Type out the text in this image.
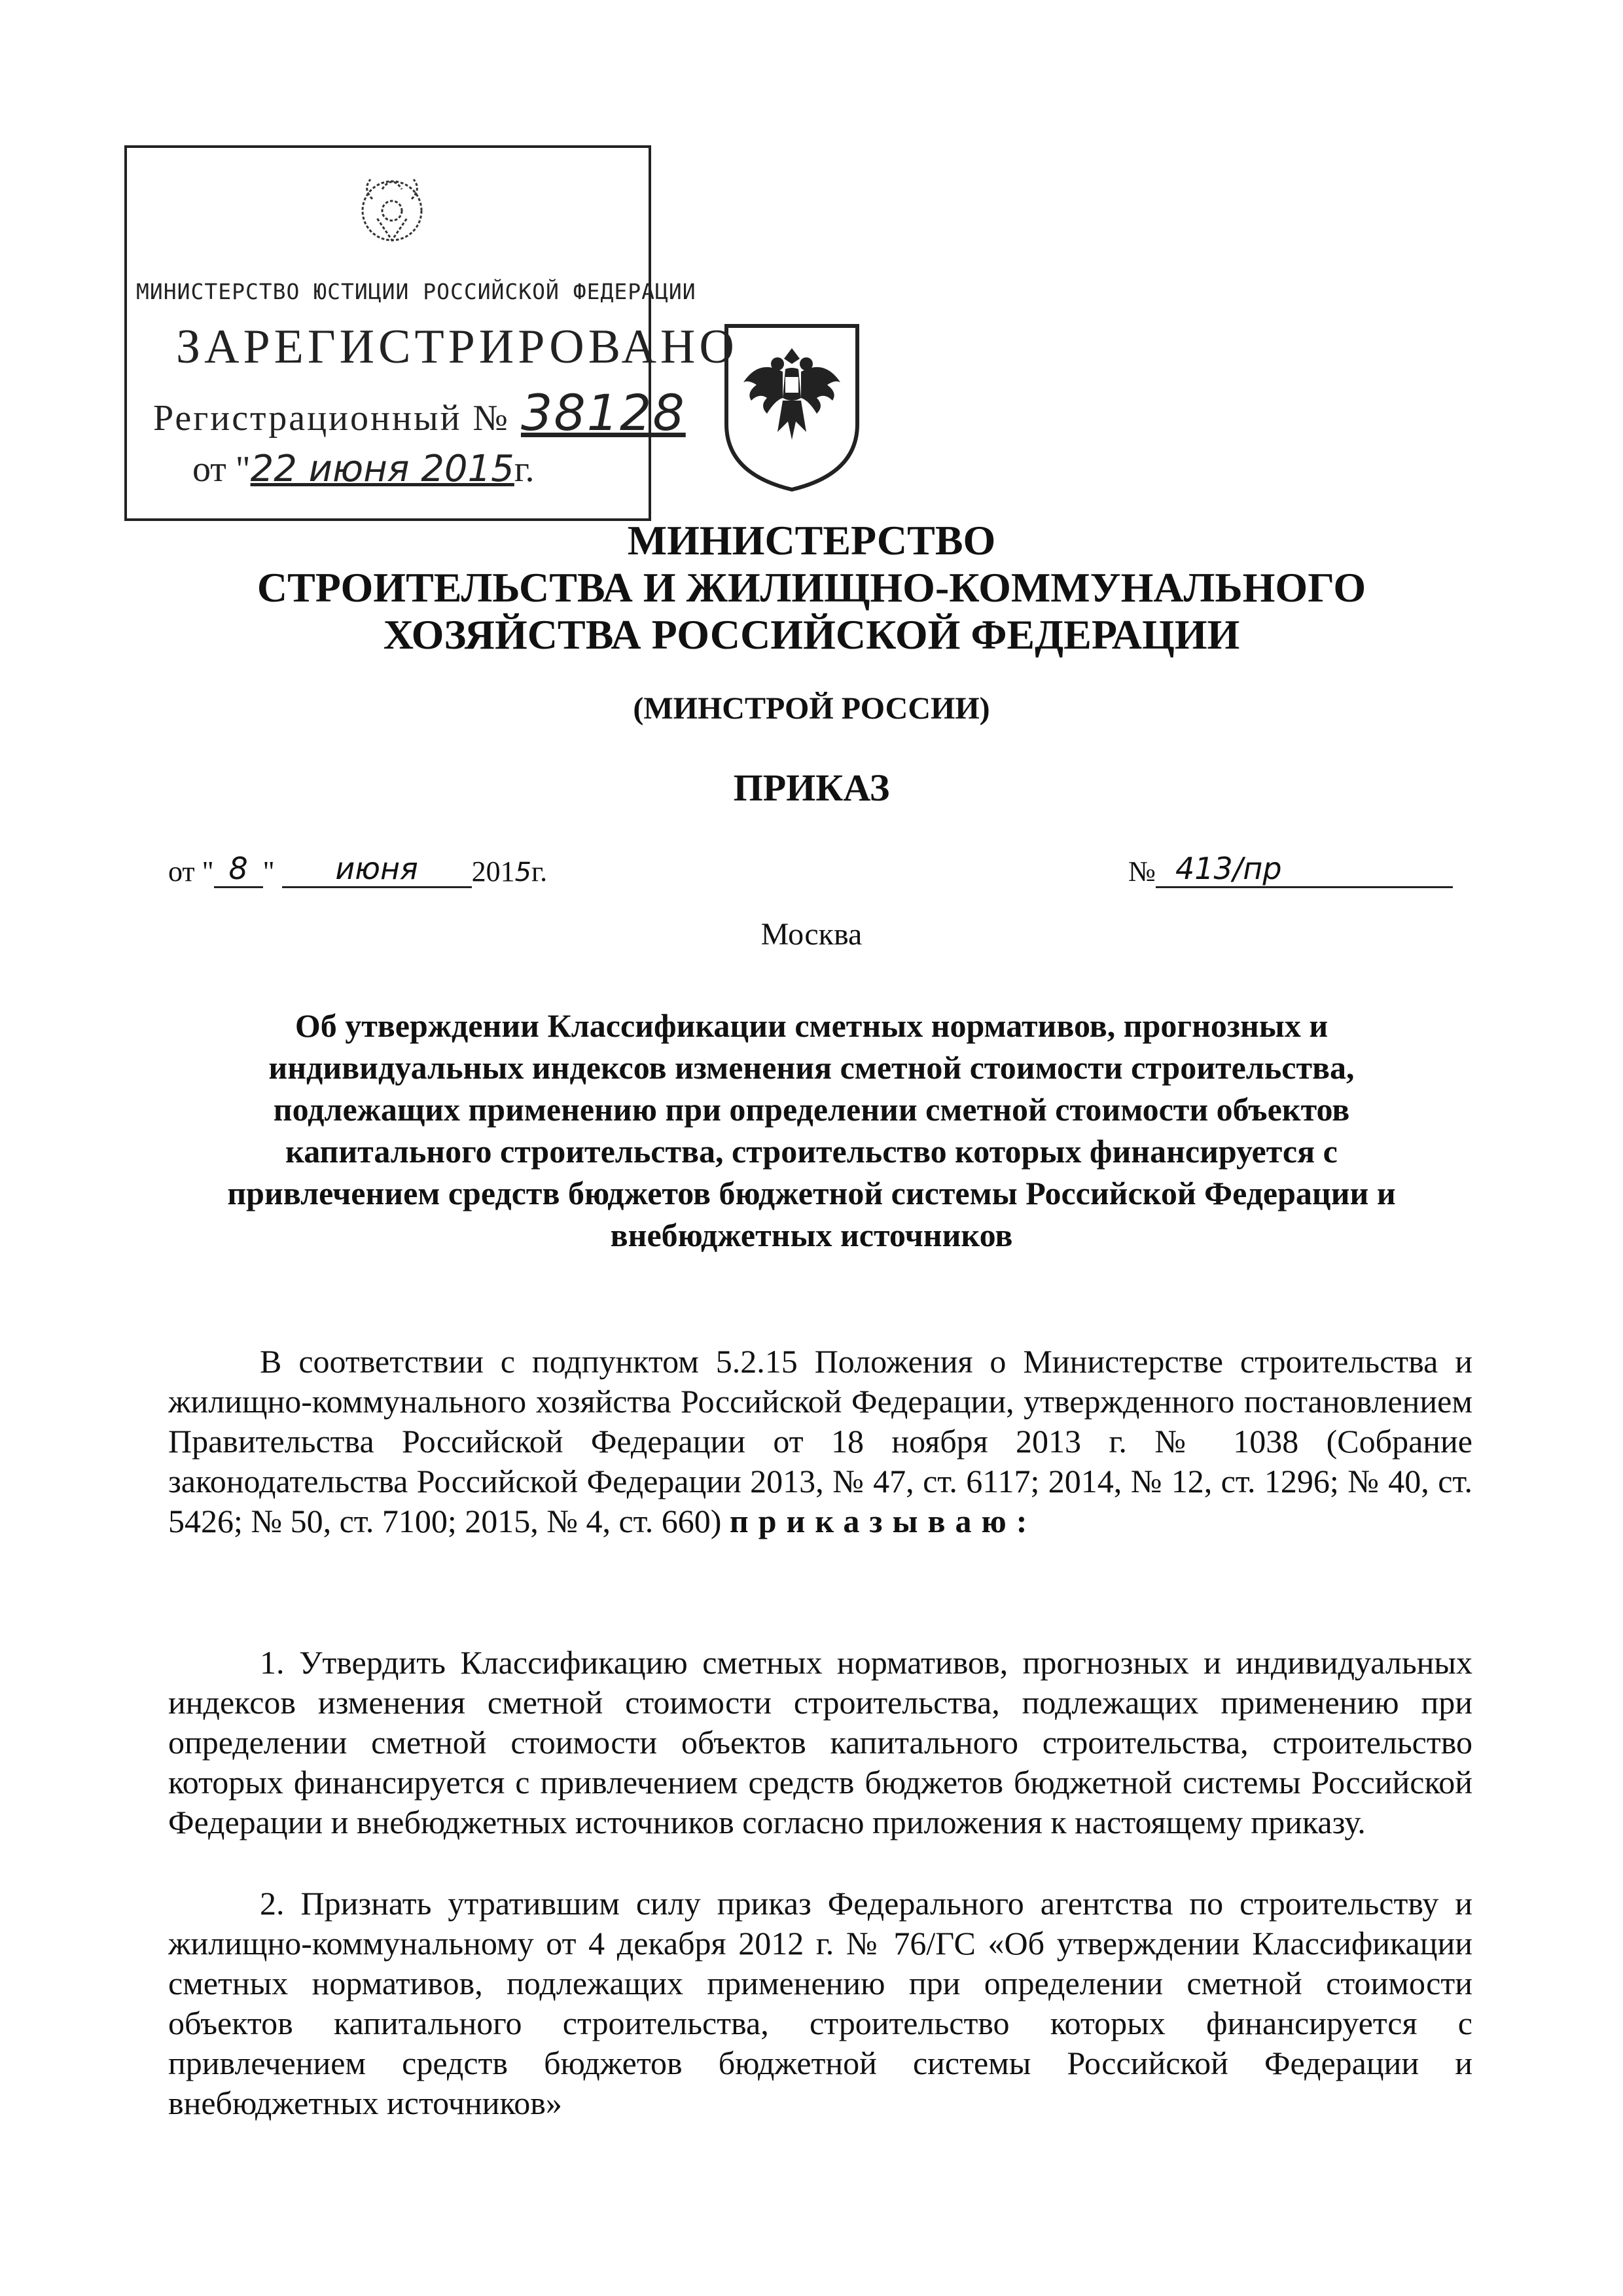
МИНИСТЕРСТВО ЮСТИЦИИ РОССИЙСКОЙ ФЕДЕРАЦИИ
ЗАРЕГИСТРИРОВАНО
Регистрационный № 38128
от "22 июня 2015г.
МИНИСТЕРСТВО
СТРОИТЕЛЬСТВА И ЖИЛИЩНО-КОММУНАЛЬНОГО
ХОЗЯЙСТВА РОССИЙСКОЙ ФЕДЕРАЦИИ
(МИНСТРОЙ РОССИИ)
ПРИКАЗ
от " 8 " июня 2015г.	№ 413/пр
Москва
Об утверждении Классификации сметных нормативов, прогнозных и индивидуальных индексов изменения сметной стоимости строительства, подлежащих применению при определении сметной стоимости объектов капитального строительства, строительство которых финансируется с привлечением средств бюджетов бюджетной системы Российской Федерации и внебюджетных источников
В соответствии с подпунктом 5.2.15 Положения о Министерстве строительства и жилищно-коммунального хозяйства Российской Федерации, утвержденного постановлением Правительства Российской Федерации от 18 ноября 2013 г. № 1038 (Собрание законодательства Российской Федерации 2013, № 47, ст. 6117; 2014, № 12, ст. 1296; № 40, ст. 5426; № 50, ст. 7100; 2015, № 4, ст. 660) приказываю:
1. Утвердить Классификацию сметных нормативов, прогнозных и индивидуальных индексов изменения сметной стоимости строительства, подлежащих применению при определении сметной стоимости объектов капитального строительства, строительство которых финансируется с привлечением средств бюджетов бюджетной системы Российской Федерации и внебюджетных источников согласно приложения к настоящему приказу.
2. Признать утратившим силу приказ Федерального агентства по строительству и жилищно-коммунальному от 4 декабря 2012 г. № 76/ГС «Об утверждении Классификации сметных нормативов, подлежащих применению при определении сметной стоимости объектов капитального строительства, строительство которых финансируется с привлечением средств бюджетов бюджетной системы Российской Федерации и внебюджетных источников»
